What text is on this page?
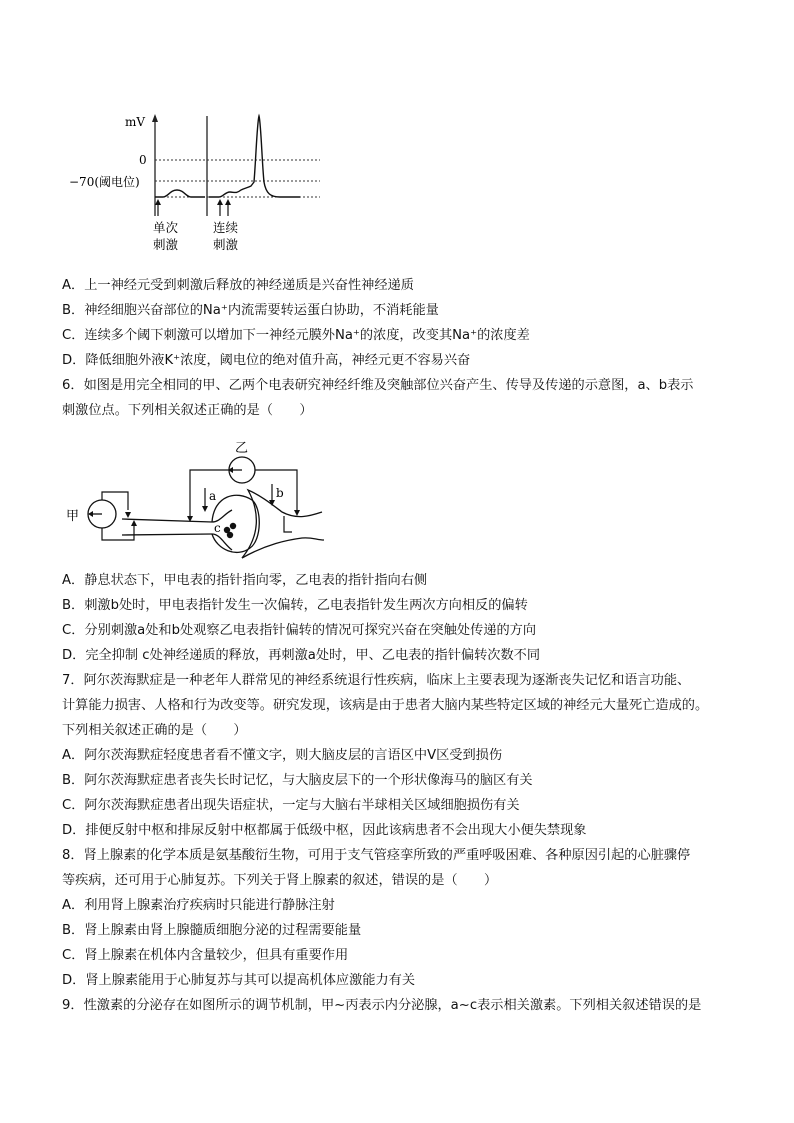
mV
0
−70(阈电位)
单次
刺激
连续
刺激
A．上一神经元受到刺激后释放的神经递质是兴奋性神经递质
B．神经细胞兴奋部位的Na⁺内流需要转运蛋白协助，不消耗能量
C．连续多个阈下刺激可以增加下一神经元膜外Na⁺的浓度，改变其Na⁺的浓度差
D．降低细胞外液K⁺浓度，阈电位的绝对值升高，神经元更不容易兴奋
6．如图是用完全相同的甲、乙两个电表研究神经纤维及突触部位兴奋产生、传导及传递的示意图，a、b表示
刺激位点。下列相关叙述正确的是（　　）
甲
乙
a	b
c
A．静息状态下，甲电表的指针指向零，乙电表的指针指向右侧
B．刺激b处时，甲电表指针发生一次偏转，乙电表指针发生两次方向相反的偏转
C．分别刺激a处和b处观察乙电表指针偏转的情况可探究兴奋在突触处传递的方向
D．完全抑制 c处神经递质的释放，再刺激a处时，甲、乙电表的指针偏转次数不同
7．阿尔茨海默症是一种老年人群常见的神经系统退行性疾病，临床上主要表现为逐渐丧失记忆和语言功能、
计算能力损害、人格和行为改变等。研究发现，该病是由于患者大脑内某些特定区域的神经元大量死亡造成的。
下列相关叙述正确的是（　　）
A．阿尔茨海默症轻度患者看不懂文字，则大脑皮层的言语区中Ⅴ区受到损伤
B．阿尔茨海默症患者丧失长时记忆，与大脑皮层下的一个形状像海马的脑区有关
C．阿尔茨海默症患者出现失语症状，一定与大脑右半球相关区域细胞损伤有关
D．排便反射中枢和排尿反射中枢都属于低级中枢，因此该病患者不会出现大小便失禁现象
8．肾上腺素的化学本质是氨基酸衍生物，可用于支气管痉挛所致的严重呼吸困难、各种原因引起的心脏骤停
等疾病，还可用于心肺复苏。下列关于肾上腺素的叙述，错误的是（　　）
A．利用肾上腺素治疗疾病时只能进行静脉注射
B．肾上腺素由肾上腺髓质细胞分泌的过程需要能量
C．肾上腺素在机体内含量较少，但具有重要作用
D．肾上腺素能用于心肺复苏与其可以提高机体应激能力有关
9．性激素的分泌存在如图所示的调节机制，甲~丙表示内分泌腺，a~c表示相关激素。下列相关叙述错误的是
